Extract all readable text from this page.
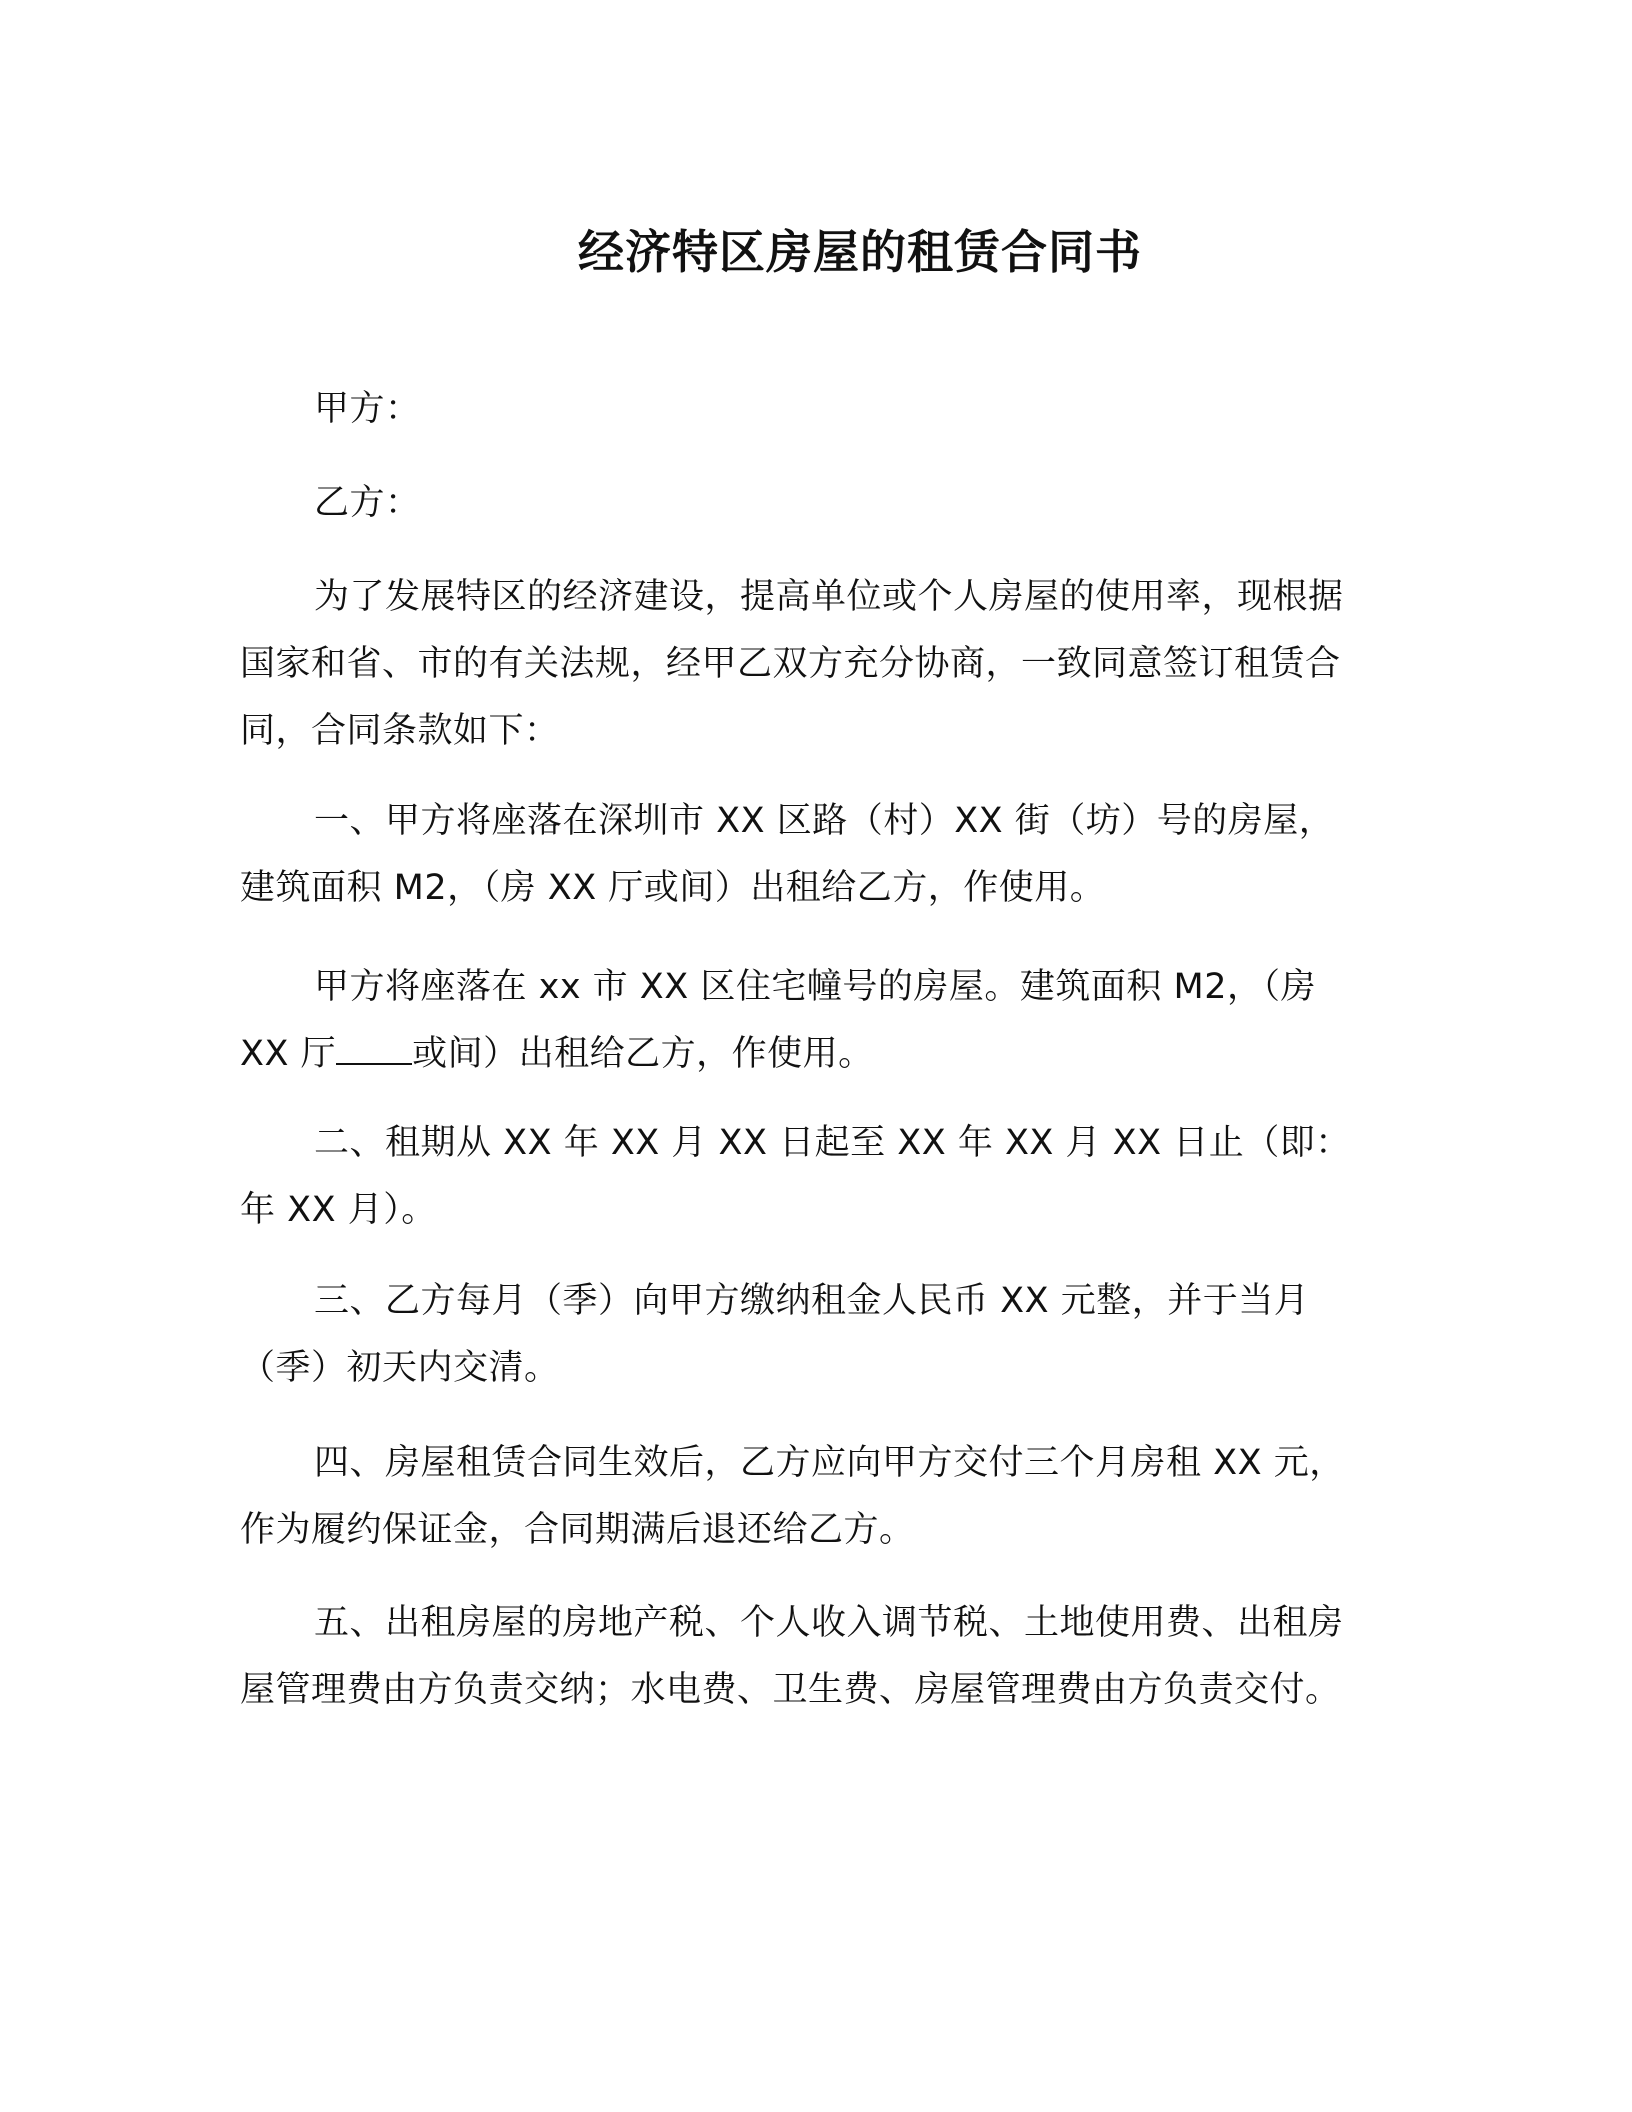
经济特区房屋的租赁合同书

甲方：

乙方：

为了发展特区的经济建设，提高单位或个人房屋的使用率，现根据国家和省、市的有关法规，经甲乙双方充分协商，一致同意签订租赁合同，合同条款如下：

一、甲方将座落在深圳市 XX 区路（村）XX 街（坊）号的房屋，建筑面积 M2，（房 XX 厅或间）出租给乙方，作使用。

甲方将座落在 xx 市 XX 区住宅幢号的房屋。建筑面积 M2，（房 XX 厅 或间）出租给乙方，作使用。

二、租期从 XX 年 XX 月 XX 日起至 XX 年 XX 月 XX 日止（即：年 XX 月）。

三、乙方每月（季）向甲方缴纳租金人民币 XX 元整，并于当月（季）初天内交清。

四、房屋租赁合同生效后，乙方应向甲方交付三个月房租 XX 元，作为履约保证金，合同期满后退还给乙方。

五、出租房屋的房地产税、个人收入调节税、土地使用费、出租房屋管理费由方负责交纳；水电费、卫生费、房屋管理费由方负责交付。
